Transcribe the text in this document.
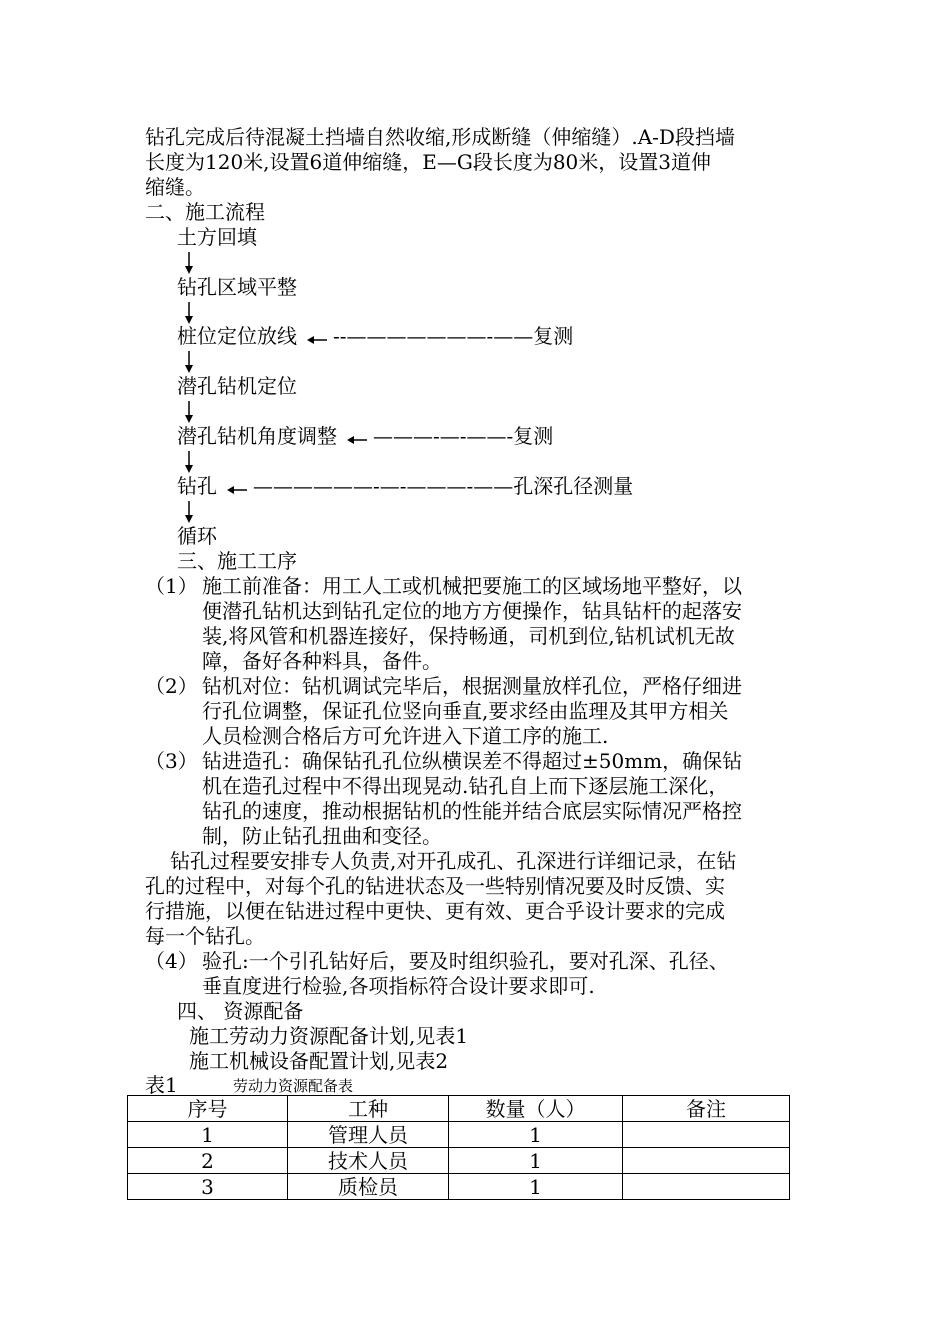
钻孔完成后待混凝土挡墙自然收缩,形成断缝（伸缩缝）.A-D段挡墙
长度为120米,设置6道伸缩缝，E—G段长度为80米，设置3道伸
缩缝。
二、施工流程
土方回填
钻孔区域平整
桩位定位放线 --———————-——复测
潜孔钻机定位
潜孔钻机角度调整 ———-—-——-复测
钻孔 ——————-—-———-——孔深孔径测量
循环
三、施工工序
（1） 施工前准备：用工人工或机械把要施工的区域场地平整好，以
便潜孔钻机达到钻孔定位的地方方便操作，钻具钻杆的起落安
装,将风管和机器连接好，保持畅通，司机到位,钻机试机无故
障，备好各种料具，备件。
（2） 钻机对位：钻机调试完毕后，根据测量放样孔位，严格仔细进
行孔位调整，保证孔位竖向垂直,要求经由监理及其甲方相关
人员检测合格后方可允许进入下道工序的施工.
（3） 钻进造孔：确保钻孔孔位纵横误差不得超过±50mm，确保钻
机在造孔过程中不得出现晃动.钻孔自上而下逐层施工深化，
钻孔的速度，推动根据钻机的性能并结合底层实际情况严格控
制，防止钻孔扭曲和变径。
钻孔过程要安排专人负责,对开孔成孔、孔深进行详细记录，在钻
孔的过程中，对每个孔的钻进状态及一些特别情况要及时反馈、实
行措施，以便在钻进过程中更快、更有效、更合乎设计要求的完成
每一个钻孔。
（4） 验孔:一个引孔钻好后，要及时组织验孔，要对孔深、孔径、
垂直度进行检验,各项指标符合设计要求即可.
四、 资源配备
施工劳动力资源配备计划,见表1
施工机械设备配置计划,见表2
表1	劳动力资源配备表
序号	工种	数量（人）	备注
1	管理人员	1	
2	技术人员	1	
3	质检员	1	
